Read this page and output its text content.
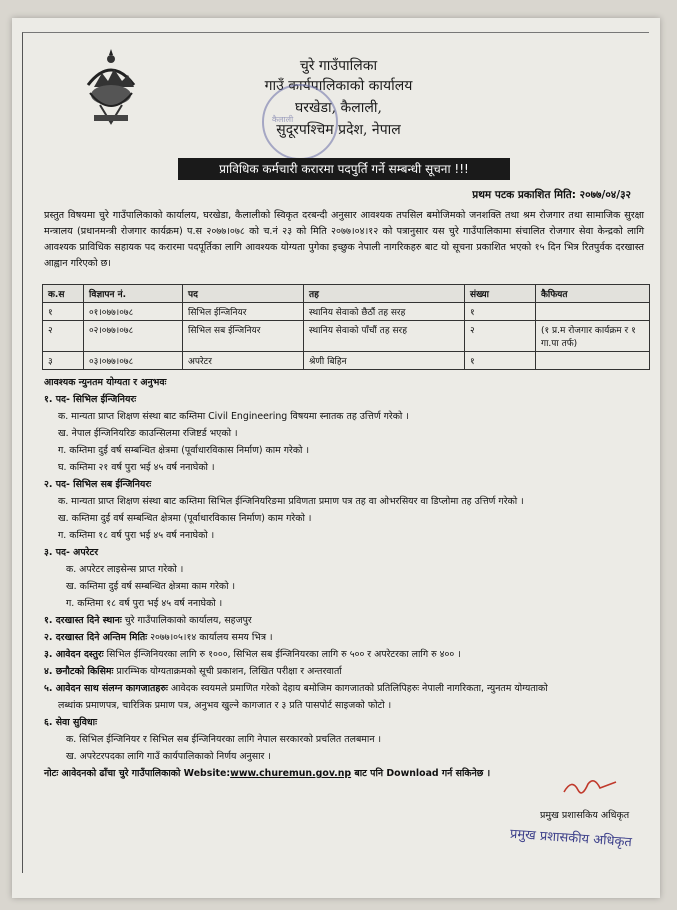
चुरे गाउँपालिका
गाउँ कार्यपालिकाको कार्यालय
घरखेडा, कैलाली,
सुदूरपश्चिम प्रदेश, नेपाल
कैलाली
प्राविधिक कर्मचारी करारमा पदपुर्ति गर्ने सम्बन्धी सूचना !!!
प्रथम पटक प्रकाशित मिति: २०७७/०४/३२
प्रस्तुत विषयमा चुरे गाउँपालिकाको कार्यालय, घरखेडा, कैलालीको स्विकृत दरबन्दी अनुसार आवश्यक तपसिल बमोजिमको जनशक्ति तथा श्रम रोजगार तथा सामाजिक सुरक्षा मन्त्रालय (प्रधानमन्त्री रोजगार कार्यक्रम) प.स २०७७।०७८ को च.नं २३ को मिति २०७७।०४।१२ को पत्रानुसार यस चुरे गाउँपालिकामा संचालित रोजगार सेवा केन्द्रको लागि आवश्यक प्राविधिक सहायक पद करारमा पदपूर्तिका लागि आवश्यक योग्यता पुगेका इच्छुक नेपाली नागरिकहरु बाट यो सूचना प्रकाशित भएको १५ दिन भित्र रितपुर्वक दरखास्त आह्वान गरिएको छ।
क.स	विज्ञापन नं.	पद	तह	संख्या	कैफियत
१	०१।०७७।०७८	सिभिल ईन्जिनियर	स्थानिय सेवाको छैठौं तह सरह	१	
२	०२।०७७।०७८	सिभिल सब ईन्जिनियर	स्थानिय सेवाको पाँचौं तह सरह	२	(१ प्र.म रोजगार कार्यक्रम र १ गा.पा तर्फ)
३	०३।०७७।०७८	अपरेटर	श्रेणी बिहिन	१	
आवश्यक न्युनतम योग्यता र अनुभवः
१. पद- सिभिल ईन्जिनियरः
क. मान्यता प्राप्त शिक्षण संस्था बाट कम्तिमा Civil Engineering विषयमा स्नातक तह उत्तिर्ण गरेको ।
ख. नेपाल ईन्जिनियरिङ काउन्सिलमा रजिष्टर्ड भएको ।
ग. कम्तिमा दुई वर्ष सम्बन्धित क्षेत्रमा (पूर्वाधारविकास निर्माण) काम गरेको ।
घ. कम्तिमा २१ वर्ष पुरा भई ४५ वर्ष ननाघेको ।
२. पद- सिभिल सब ईन्जिनियरः
क. मान्यता प्राप्त शिक्षण संस्था बाट कम्तिमा सिभिल ईन्जिनियरिङमा प्रविणता प्रमाण पत्र तह वा ओभरसियर वा डिप्लोमा तह उत्तिर्ण गरेको ।
ख. कम्तिमा दुई वर्ष सम्बन्धित क्षेत्रमा (पूर्वाधारविकास निर्माण) काम गरेको ।
ग. कम्तिमा १८ वर्ष पुरा भई ४५ वर्ष ननाघेको ।
३. पद- अपरेटर
क. अपरेटर लाइसेन्स प्राप्त गरेको ।
ख. कम्तिमा दुई वर्ष सम्बन्धित क्षेत्रमा काम गरेको ।
ग. कम्तिमा १८ वर्ष पुरा भई ४५ वर्ष ननाघेको ।
१. दरखास्त दिने स्थानः चुरे गाउँपालिकाको कार्यालय, सहजपुर
२. दरखास्त दिने अन्तिम मितिः २०७७।०५।१४ कार्यालय समय भित्र ।
३. आवेदन दस्तुरः सिभिल ईन्जिनियरका लागि रु १०००, सिभिल सब ईन्जिनियरका लागि रु ५०० र अपरेटरका लागि रु ४०० ।
४. छनौटको किसिमः प्रारम्भिक योग्यताक्रमको सूची प्रकाशन, लिखित परीक्षा र अन्तरवार्ता
५. आवेदन साथ संलग्न कागजातहरुः आवेदक स्वयमले प्रमाणित गरेको देहाय बमोजिम कागजातको प्रतिलिपिहरुः नेपाली नागरिकता, न्युनतम योग्यताको
लब्धांक प्रमाणपत्र, चारित्रिक प्रमाण पत्र, अनुभव खुल्ने कागजात र ३ प्रति पासपोर्ट साइजको फोटो ।
६. सेवा सुविधाः
क. सिभिल ईन्जिनियर र सिभिल सब ईन्जिनियरका लागि नेपाल सरकारको प्रचलित तलबमान ।
ख. अपरेटरपदका लागि गाउँ कार्यपालिकाको निर्णय अनुसार ।
नोटः आवेदनको ढाँचा चुरे गाउँपालिकाको Website:www.churemun.gov.np बाट पनि Download गर्न सकिनेछ ।
प्रमुख प्रशासकिय अधिकृत
प्रमुख प्रशासकीय अधिकृत
